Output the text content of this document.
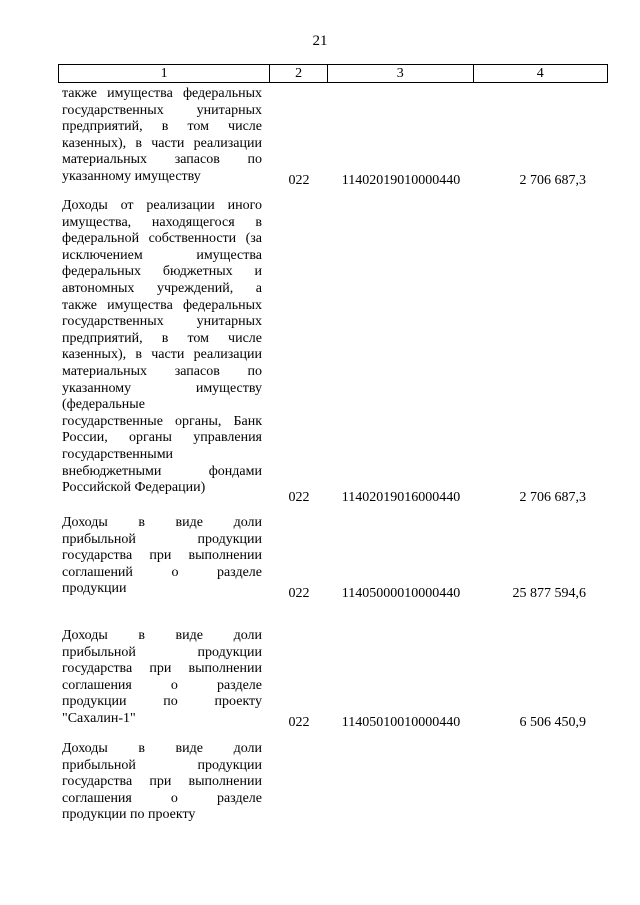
21
1	2	3	4
также имущества федеральных
государственных унитарных
предприятий, в том числе
казенных), в части реализации
материальных запасов по
указанному имуществу	022	11402019010000440	2 706 687,3
Доходы от реализации иного
имущества, находящегося в
федеральной собственности (за
исключением имущества
федеральных бюджетных и
автономных учреждений, а
также имущества федеральных
государственных унитарных
предприятий, в том числе
казенных), в части реализации
материальных запасов по
указанному имуществу
(федеральные
государственные органы, Банк
России, органы управления
государственными
внебюджетными фондами
Российской Федерации)
022	11402019016000440	2 706 687,3
Доходы в виде доли
прибыльной продукции
государства при выполнении
соглашений о разделе
продукции	022	11405000010000440	25 877 594,6
Доходы в виде доли
прибыльной продукции
государства при выполнении
соглашения о разделе
продукции по проекту
"Сахалин-1"	022	11405010010000440	6 506 450,9
Доходы в виде доли
прибыльной продукции
государства при выполнении
соглашения о разделе
продукции по проекту
